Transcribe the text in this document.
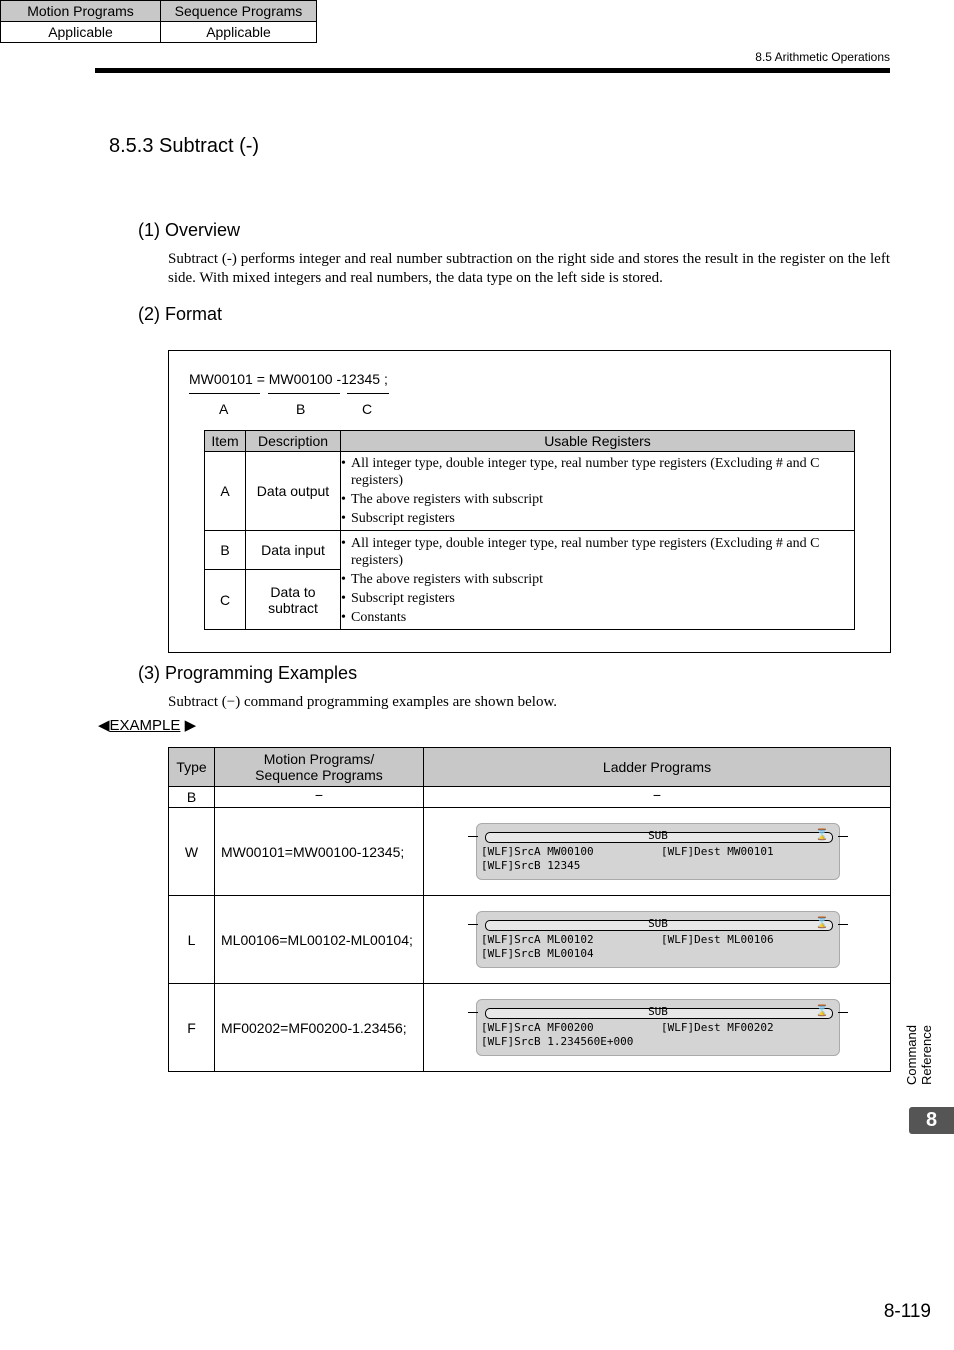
8.5 Arithmetic Operations
8.5.3 Subtract (-)
Motion Programs	Sequence Programs
Applicable	Applicable
(1) Overview
Subtract (-) performs integer and real number subtraction on the right side and stores the result in the register on the left side. With mixed integers and real numbers, the data type on the left side is stored.
(2) Format
MW00101 = MW00100 -12345 ;
A	B	C
Item	Description	Usable Registers
A	Data output	• All integer type, double integer type, real number type registers (Excluding # and C registers)
• The above registers with subscript
• Subscript registers

B	Data input	• All integer type, double integer type, real number type registers (Excluding # and C registers)
• The above registers with subscript
• Subscript registers
• Constants

C	Data to subtract	
(3) Programming Examples
Subtract (−) command programming examples are shown below.
◀EXAMPLE ▶
Type	Motion Programs/
Sequence Programs	Ladder Programs
B	−	−
W	MW00101=MW00100-12345;	SUB ⌛
[WLF]SrcA MW00100
[WLF]SrcB 12345
[WLF]Dest MW00101

L	ML00106=ML00102-ML00104;	SUB ⌛
[WLF]SrcA ML00102
[WLF]SrcB ML00104
[WLF]Dest ML00106

F	MF00202=MF00200-1.23456;	SUB ⌛
[WLF]SrcA MF00200
[WLF]SrcB 1.234560E+000
[WLF]Dest MF00202	Command Reference
8
8-119
